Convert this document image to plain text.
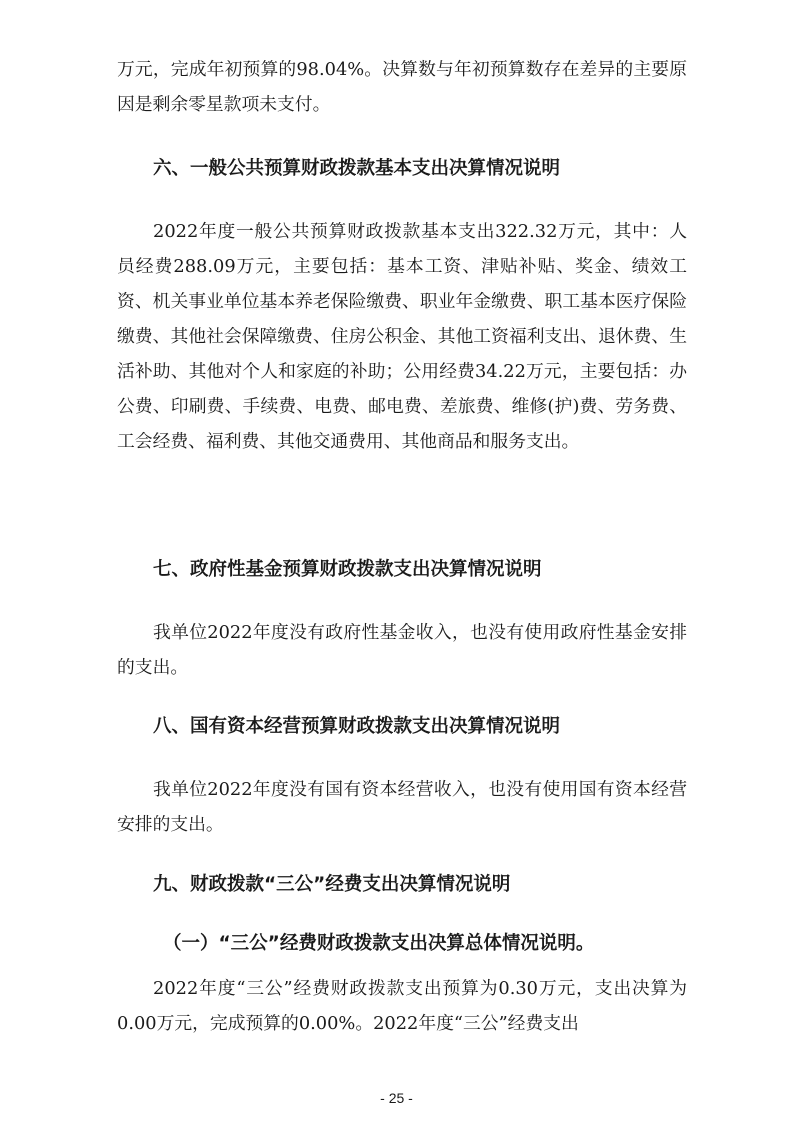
万元，完成年初预算的98.04%。决算数与年初预算数存在差异的主要原因是剩余零星款项未支付。

六、一般公共预算财政拨款基本支出决算情况说明

2022年度一般公共预算财政拨款基本支出322.32万元，其中：人员经费288.09万元，主要包括：基本工资、津贴补贴、奖金、绩效工资、机关事业单位基本养老保险缴费、职业年金缴费、职工基本医疗保险缴费、其他社会保障缴费、住房公积金、其他工资福利支出、退休费、生活补助、其他对个人和家庭的补助；公用经费34.22万元，主要包括：办公费、印刷费、手续费、电费、邮电费、差旅费、维修(护)费、劳务费、工会经费、福利费、其他交通费用、其他商品和服务支出。

七、政府性基金预算财政拨款支出决算情况说明

我单位2022年度没有政府性基金收入，也没有使用政府性基金安排的支出。

八、国有资本经营预算财政拨款支出决算情况说明

我单位2022年度没有国有资本经营收入，也没有使用国有资本经营安排的支出。

九、财政拨款“三公”经费支出决算情况说明
（一）“三公”经费财政拨款支出决算总体情况说明。

2022年度“三公”经费财政拨款支出预算为0.30万元，支出决算为0.00万元，完成预算的0.00%。2022年度“三公”经费支出

- 25 -
